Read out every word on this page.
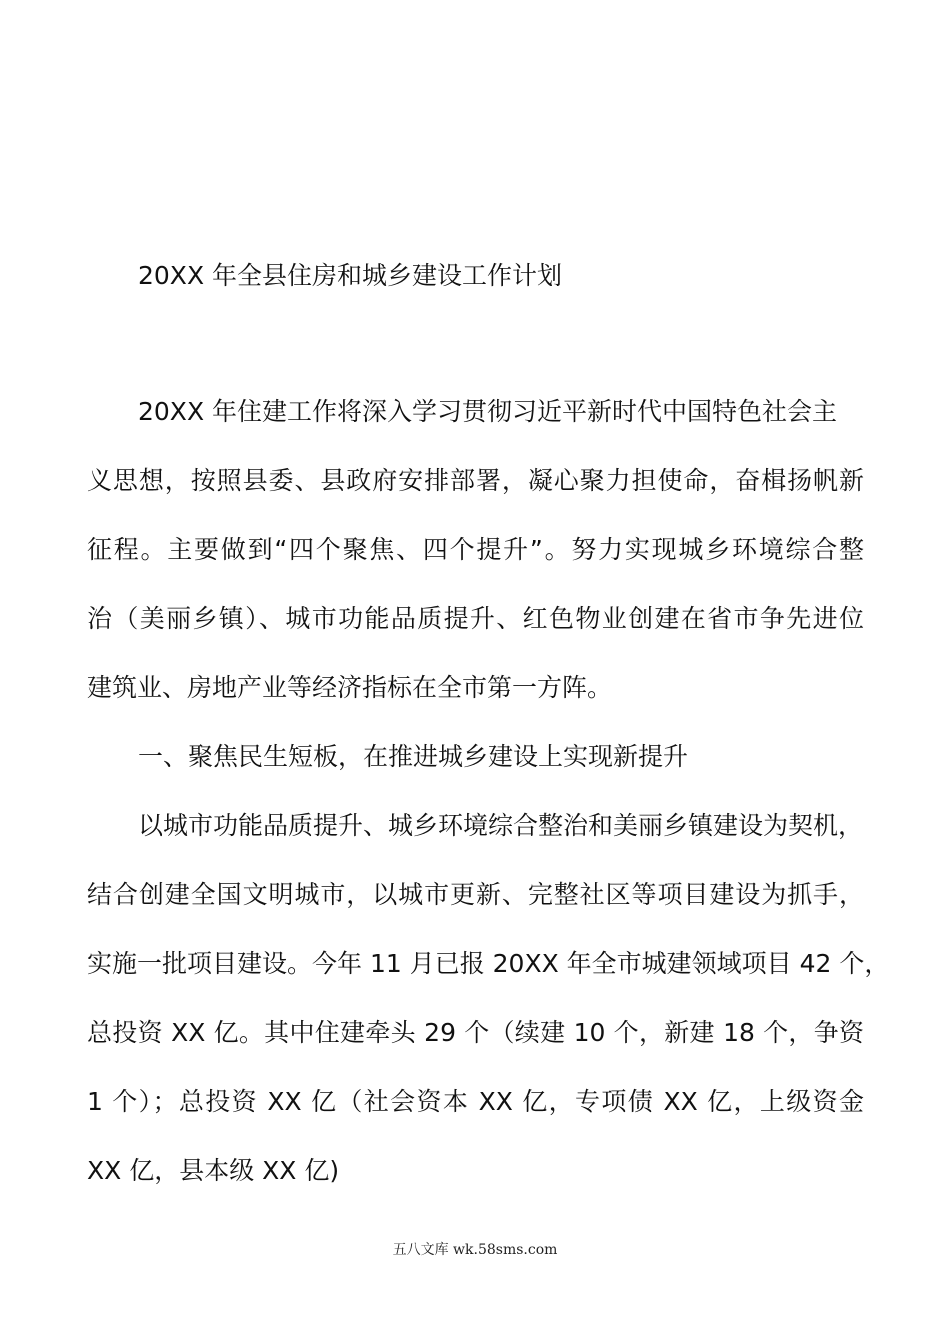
20XX 年全县住房和城乡建设工作计划
20XX 年住建工作将深入学习贯彻习近平新时代中国特色社会主
义思想，按照县委、县政府安排部署，凝心聚力担使命，奋楫扬帆新
征程。主要做到“四个聚焦、四个提升”。努力实现城乡环境综合整
治（美丽乡镇）、城市功能品质提升、红色物业创建在省市争先进位
建筑业、房地产业等经济指标在全市第一方阵。
一、聚焦民生短板，在推进城乡建设上实现新提升
以城市功能品质提升、城乡环境综合整治和美丽乡镇建设为契机，
结合创建全国文明城市，以城市更新、完整社区等项目建设为抓手，
实施一批项目建设。今年 11 月已报 20XX 年全市城建领域项目 42 个，
总投资 XX 亿。其中住建牵头 29 个（续建 10 个，新建 18 个，争资
1 个）；总投资 XX 亿（社会资本 XX 亿，专项债 XX 亿，上级资金
XX 亿，县本级 XX 亿)
五八文库 wk.58sms.com
